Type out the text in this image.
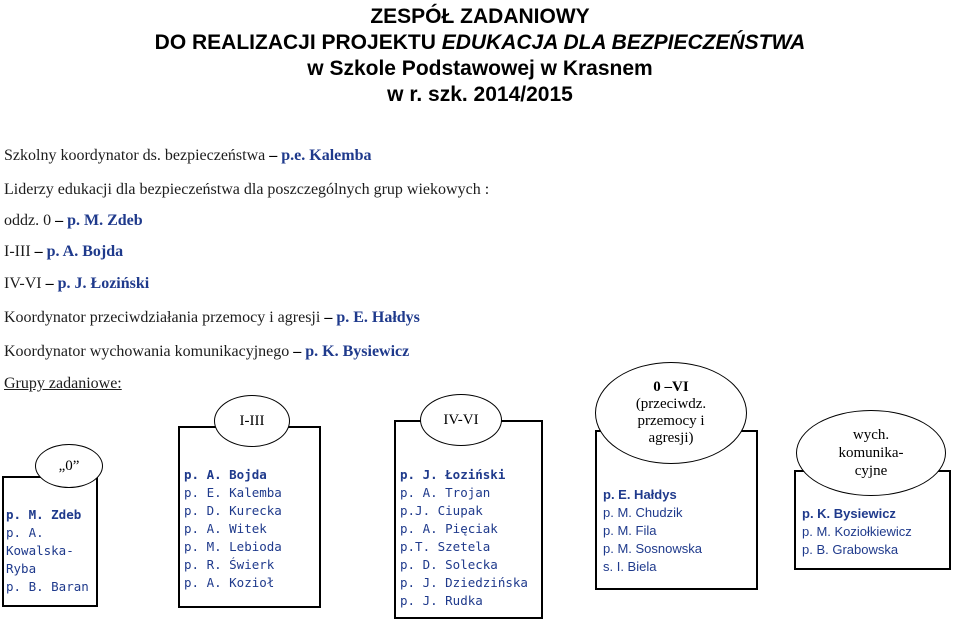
ZESPÓŁ ZADANIOWY
DO REALIZACJI PROJEKTU EDUKACJA DLA BEZPIECZEŃSTWA
w Szkole Podstawowej w Krasnem
w r. szk. 2014/2015
Szkolny koordynator ds. bezpieczeństwa – p.e. Kalemba
Liderzy edukacji dla bezpieczeństwa dla poszczególnych grup wiekowych :
oddz. 0 – p. M. Zdeb
I-III – p. A. Bojda
IV-VI – p. J. Łoziński
Koordynator przeciwdziałania przemocy i agresji – p. E. Hałdys
Koordynator wychowania komunikacyjnego – p. K. Bysiewicz
Grupy zadaniowe:
„0”
p. M. Zdeb
p. A.
Kowalska-
Ryba
p. B. Baran
I-III
p. A. Bojda
p. E. Kalemba
p. D. Kurecka
p. A. Witek
p. M. Lebioda
p. R. Świerk
p. A. Kozioł
IV-VI
p. J. Łoziński
p. A. Trojan
p.J. Ciupak
p. A. Pięciak
p.T. Szetela
p. D. Solecka
p. J. Dziedzińska
p. J. Rudka
0 –VI
(przeciwdz.
przemocy i
agresji)
p. E. Hałdys
p. M. Chudzik
p. M. Fila
p. M. Sosnowska
s. I. Biela
wych.
komunika-
cyjne
p. K. Bysiewicz
p. M. Koziołkiewicz
p. B. Grabowska
